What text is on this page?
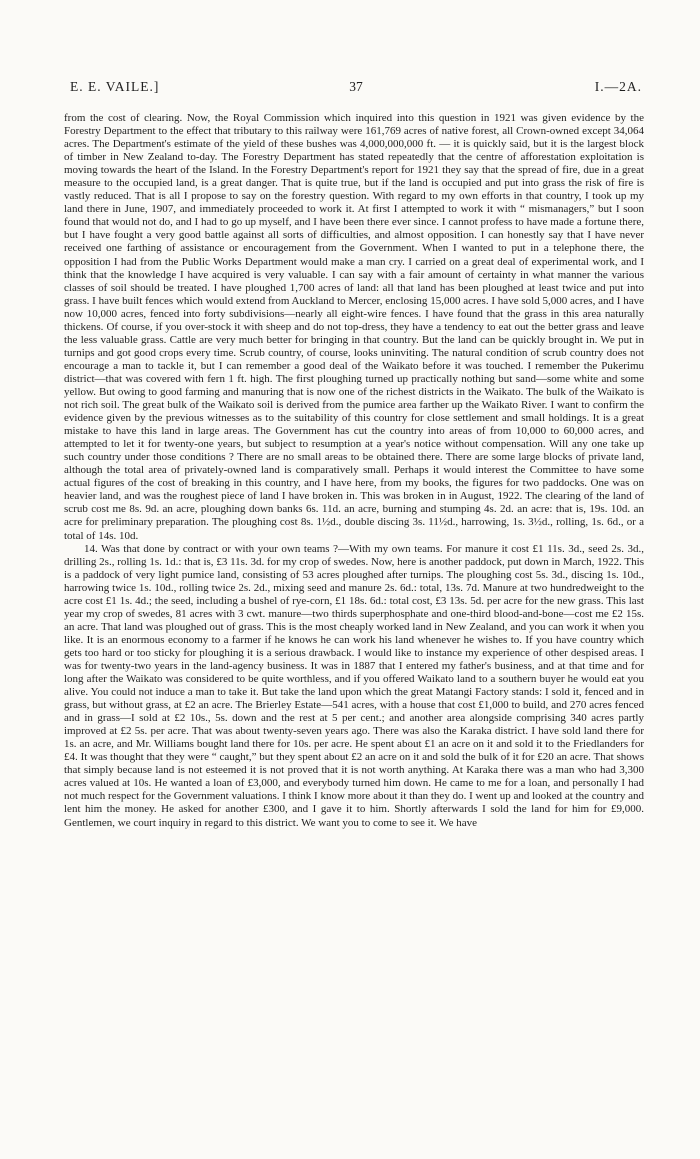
E. E. VAILE.]	37	I.—2A.

from the cost of clearing. Now, the Royal Commission which inquired into this question in 1921 was given evidence by the Forestry Department to the effect that tributary to this railway were 161,769 acres of native forest, all Crown-owned except 34,064 acres. The Department's estimate of the yield of these bushes was 4,000,000,000 ft. — it is quickly said, but it is the largest block of timber in New Zealand to-day. The Forestry Department has stated repeatedly that the centre of afforestation exploitation is moving towards the heart of the Island. In the Forestry Department's report for 1921 they say that the spread of fire, due in a great measure to the occupied land, is a great danger. That is quite true, but if the land is occupied and put into grass the risk of fire is vastly reduced. That is all I propose to say on the forestry question. With regard to my own efforts in that country, I took up my land there in June, 1907, and immediately proceeded to work it. At first I attempted to work it with “ mismanagers,” but I soon found that would not do, and I had to go up myself, and I have been there ever since. I cannot profess to have made a fortune there, but I have fought a very good battle against all sorts of difficulties, and almost opposition. I can honestly say that I have never received one farthing of assistance or encouragement from the Government. When I wanted to put in a telephone there, the opposition I had from the Public Works Department would make a man cry. I carried on a great deal of experimental work, and I think that the knowledge I have acquired is very valuable. I can say with a fair amount of certainty in what manner the various classes of soil should be treated. I have ploughed 1,700 acres of land: all that land has been ploughed at least twice and put into grass. I have built fences which would extend from Auckland to Mercer, enclosing 15,000 acres. I have sold 5,000 acres, and I have now 10,000 acres, fenced into forty subdivisions—nearly all eight-wire fences. I have found that the grass in this area naturally thickens. Of course, if you over-stock it with sheep and do not top-dress, they have a tendency to eat out the better grass and leave the less valuable grass. Cattle are very much better for bringing in that country. But the land can be quickly brought in. We put in turnips and got good crops every time. Scrub country, of course, looks uninviting. The natural condition of scrub country does not encourage a man to tackle it, but I can remember a good deal of the Waikato before it was touched. I remember the Pukerimu district—that was covered with fern 1 ft. high. The first ploughing turned up practically nothing but sand—some white and some yellow. But owing to good farming and manuring that is now one of the richest districts in the Waikato. The bulk of the Waikato is not rich soil. The great bulk of the Waikato soil is derived from the pumice area farther up the Waikato River. I want to confirm the evidence given by the previous witnesses as to the suitability of this country for close settlement and small holdings. It is a great mistake to have this land in large areas. The Government has cut the country into areas of from 10,000 to 60,000 acres, and attempted to let it for twenty-one years, but subject to resumption at a year's notice without compensation. Will any one take up such country under those conditions ? There are no small areas to be obtained there. There are some large blocks of private land, although the total area of privately-owned land is comparatively small. Perhaps it would interest the Committee to have some actual figures of the cost of breaking in this country, and I have here, from my books, the figures for two paddocks. One was on heavier land, and was the roughest piece of land I have broken in. This was broken in in August, 1922. The clearing of the land of scrub cost me 8s. 9d. an acre, ploughing down banks 6s. 11d. an acre, burning and stumping 4s. 2d. an acre: that is, 19s. 10d. an acre for preliminary preparation. The ploughing cost 8s. 1½d., double discing 3s. 11½d., harrowing, 1s. 3½d., rolling, 1s. 6d., or a total of 14s. 10d.

14. Was that done by contract or with your own teams ?—With my own teams. For manure it cost £1 11s. 3d., seed 2s. 3d., drilling 2s., rolling 1s. 1d.: that is, £3 11s. 3d. for my crop of swedes. Now, here is another paddock, put down in March, 1922. This is a paddock of very light pumice land, consisting of 53 acres ploughed after turnips. The ploughing cost 5s. 3d., discing 1s. 10d., harrowing twice 1s. 10d., rolling twice 2s. 2d., mixing seed and manure 2s. 6d.: total, 13s. 7d. Manure at two hundredweight to the acre cost £1 1s. 4d.; the seed, including a bushel of rye-corn, £1 18s. 6d.: total cost, £3 13s. 5d. per acre for the new grass. This last year my crop of swedes, 81 acres with 3 cwt. manure—two thirds superphosphate and one-third blood-and-bone—cost me £2 15s. an acre. That land was ploughed out of grass. This is the most cheaply worked land in New Zealand, and you can work it when you like. It is an enormous economy to a farmer if he knows he can work his land whenever he wishes to. If you have country which gets too hard or too sticky for ploughing it is a serious drawback. I would like to instance my experience of other despised areas. I was for twenty-two years in the land-agency business. It was in 1887 that I entered my father's business, and at that time and for long after the Waikato was considered to be quite worthless, and if you offered Waikato land to a southern buyer he would eat you alive. You could not induce a man to take it. But take the land upon which the great Matangi Factory stands: I sold it, fenced and in grass, but without grass, at £2 an acre. The Brierley Estate—541 acres, with a house that cost £1,000 to build, and 270 acres fenced and in grass—I sold at £2 10s., 5s. down and the rest at 5 per cent.; and another area alongside comprising 340 acres partly improved at £2 5s. per acre. That was about twenty-seven years ago. There was also the Karaka district. I have sold land there for 1s. an acre, and Mr. Williams bought land there for 10s. per acre. He spent about £1 an acre on it and sold it to the Friedlanders for £4. It was thought that they were “ caught,” but they spent about £2 an acre on it and sold the bulk of it for £20 an acre. That shows that simply because land is not esteemed it is not proved that it is not worth anything. At Karaka there was a man who had 3,300 acres valued at 10s. He wanted a loan of £3,000, and everybody turned him down. He came to me for a loan, and personally I had not much respect for the Government valuations. I think I know more about it than they do. I went up and looked at the country and lent him the money. He asked for another £300, and I gave it to him. Shortly afterwards I sold the land for him for £9,000. Gentlemen, we court inquiry in regard to this district. We want you to come to see it. We have
